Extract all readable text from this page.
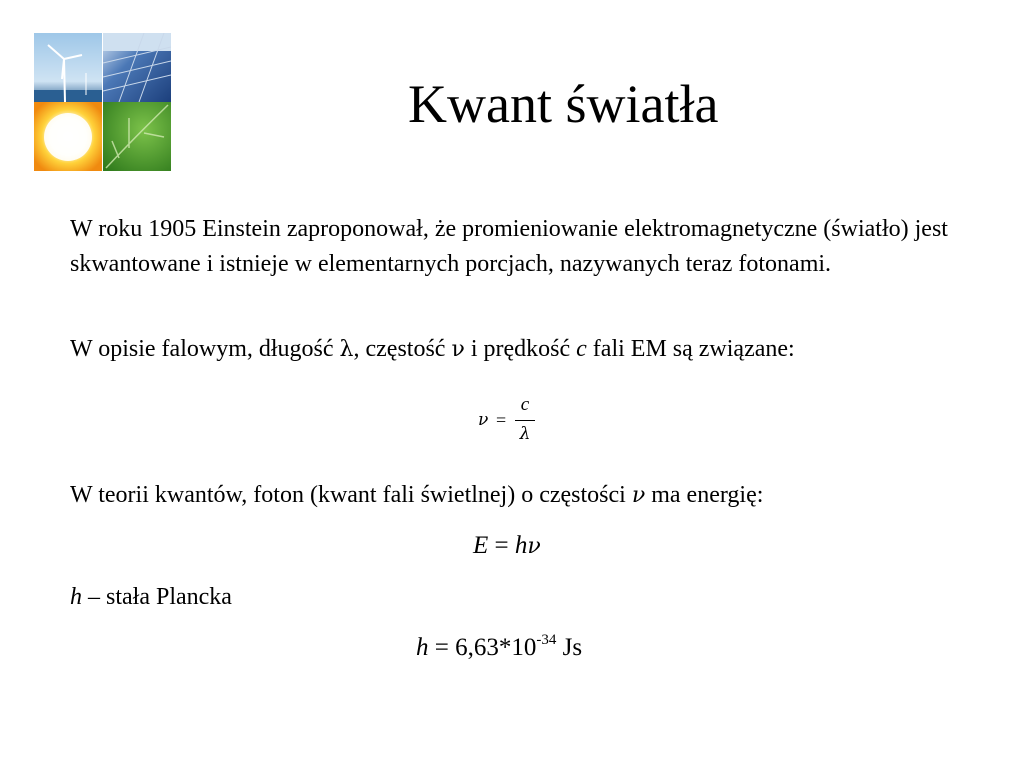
Kwant światła
W roku 1905 Einstein zaproponował, że promieniowanie elektromagnetyczne (światło) jest skwantowane i istnieje w elementarnych porcjach, nazywanych teraz fotonami.
W opisie falowym, długość λ, częstość ν i prędkość c fali EM są związane:
ν =
c
λ
W teorii kwantów, foton (kwant fali świetlnej) o częstości ν ma energię:
E = hν
h – stała Plancka
$h = 6,63*10^{-34}$ Js
